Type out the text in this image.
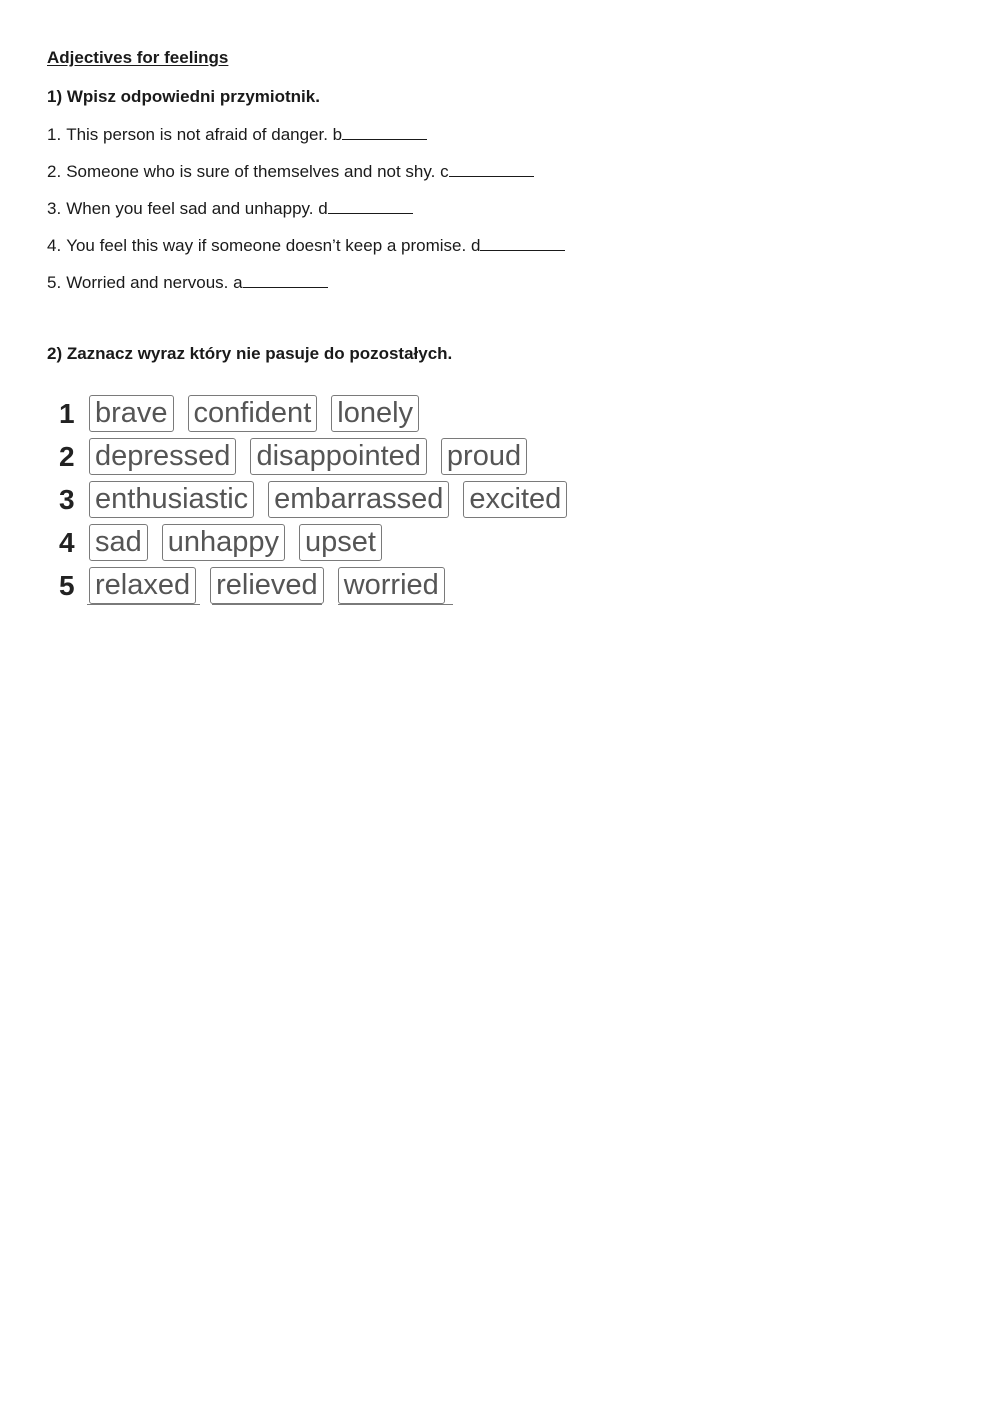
Adjectives for feelings
1) Wpisz odpowiedni przymiotnik.
1. This person is not afraid of danger. b
2. Someone who is sure of themselves and not shy. c
3. When you feel sad and unhappy. d
4. You feel this way if someone doesn’t keep a promise. d
5. Worried and nervous. a
2) Zaznacz wyraz który nie pasuje do pozostałych.
1 brave confident lonely
2 depressed disappointed proud
3 enthusiastic embarrassed excited
4 sad unhappy upset
5 relaxed relieved worried
